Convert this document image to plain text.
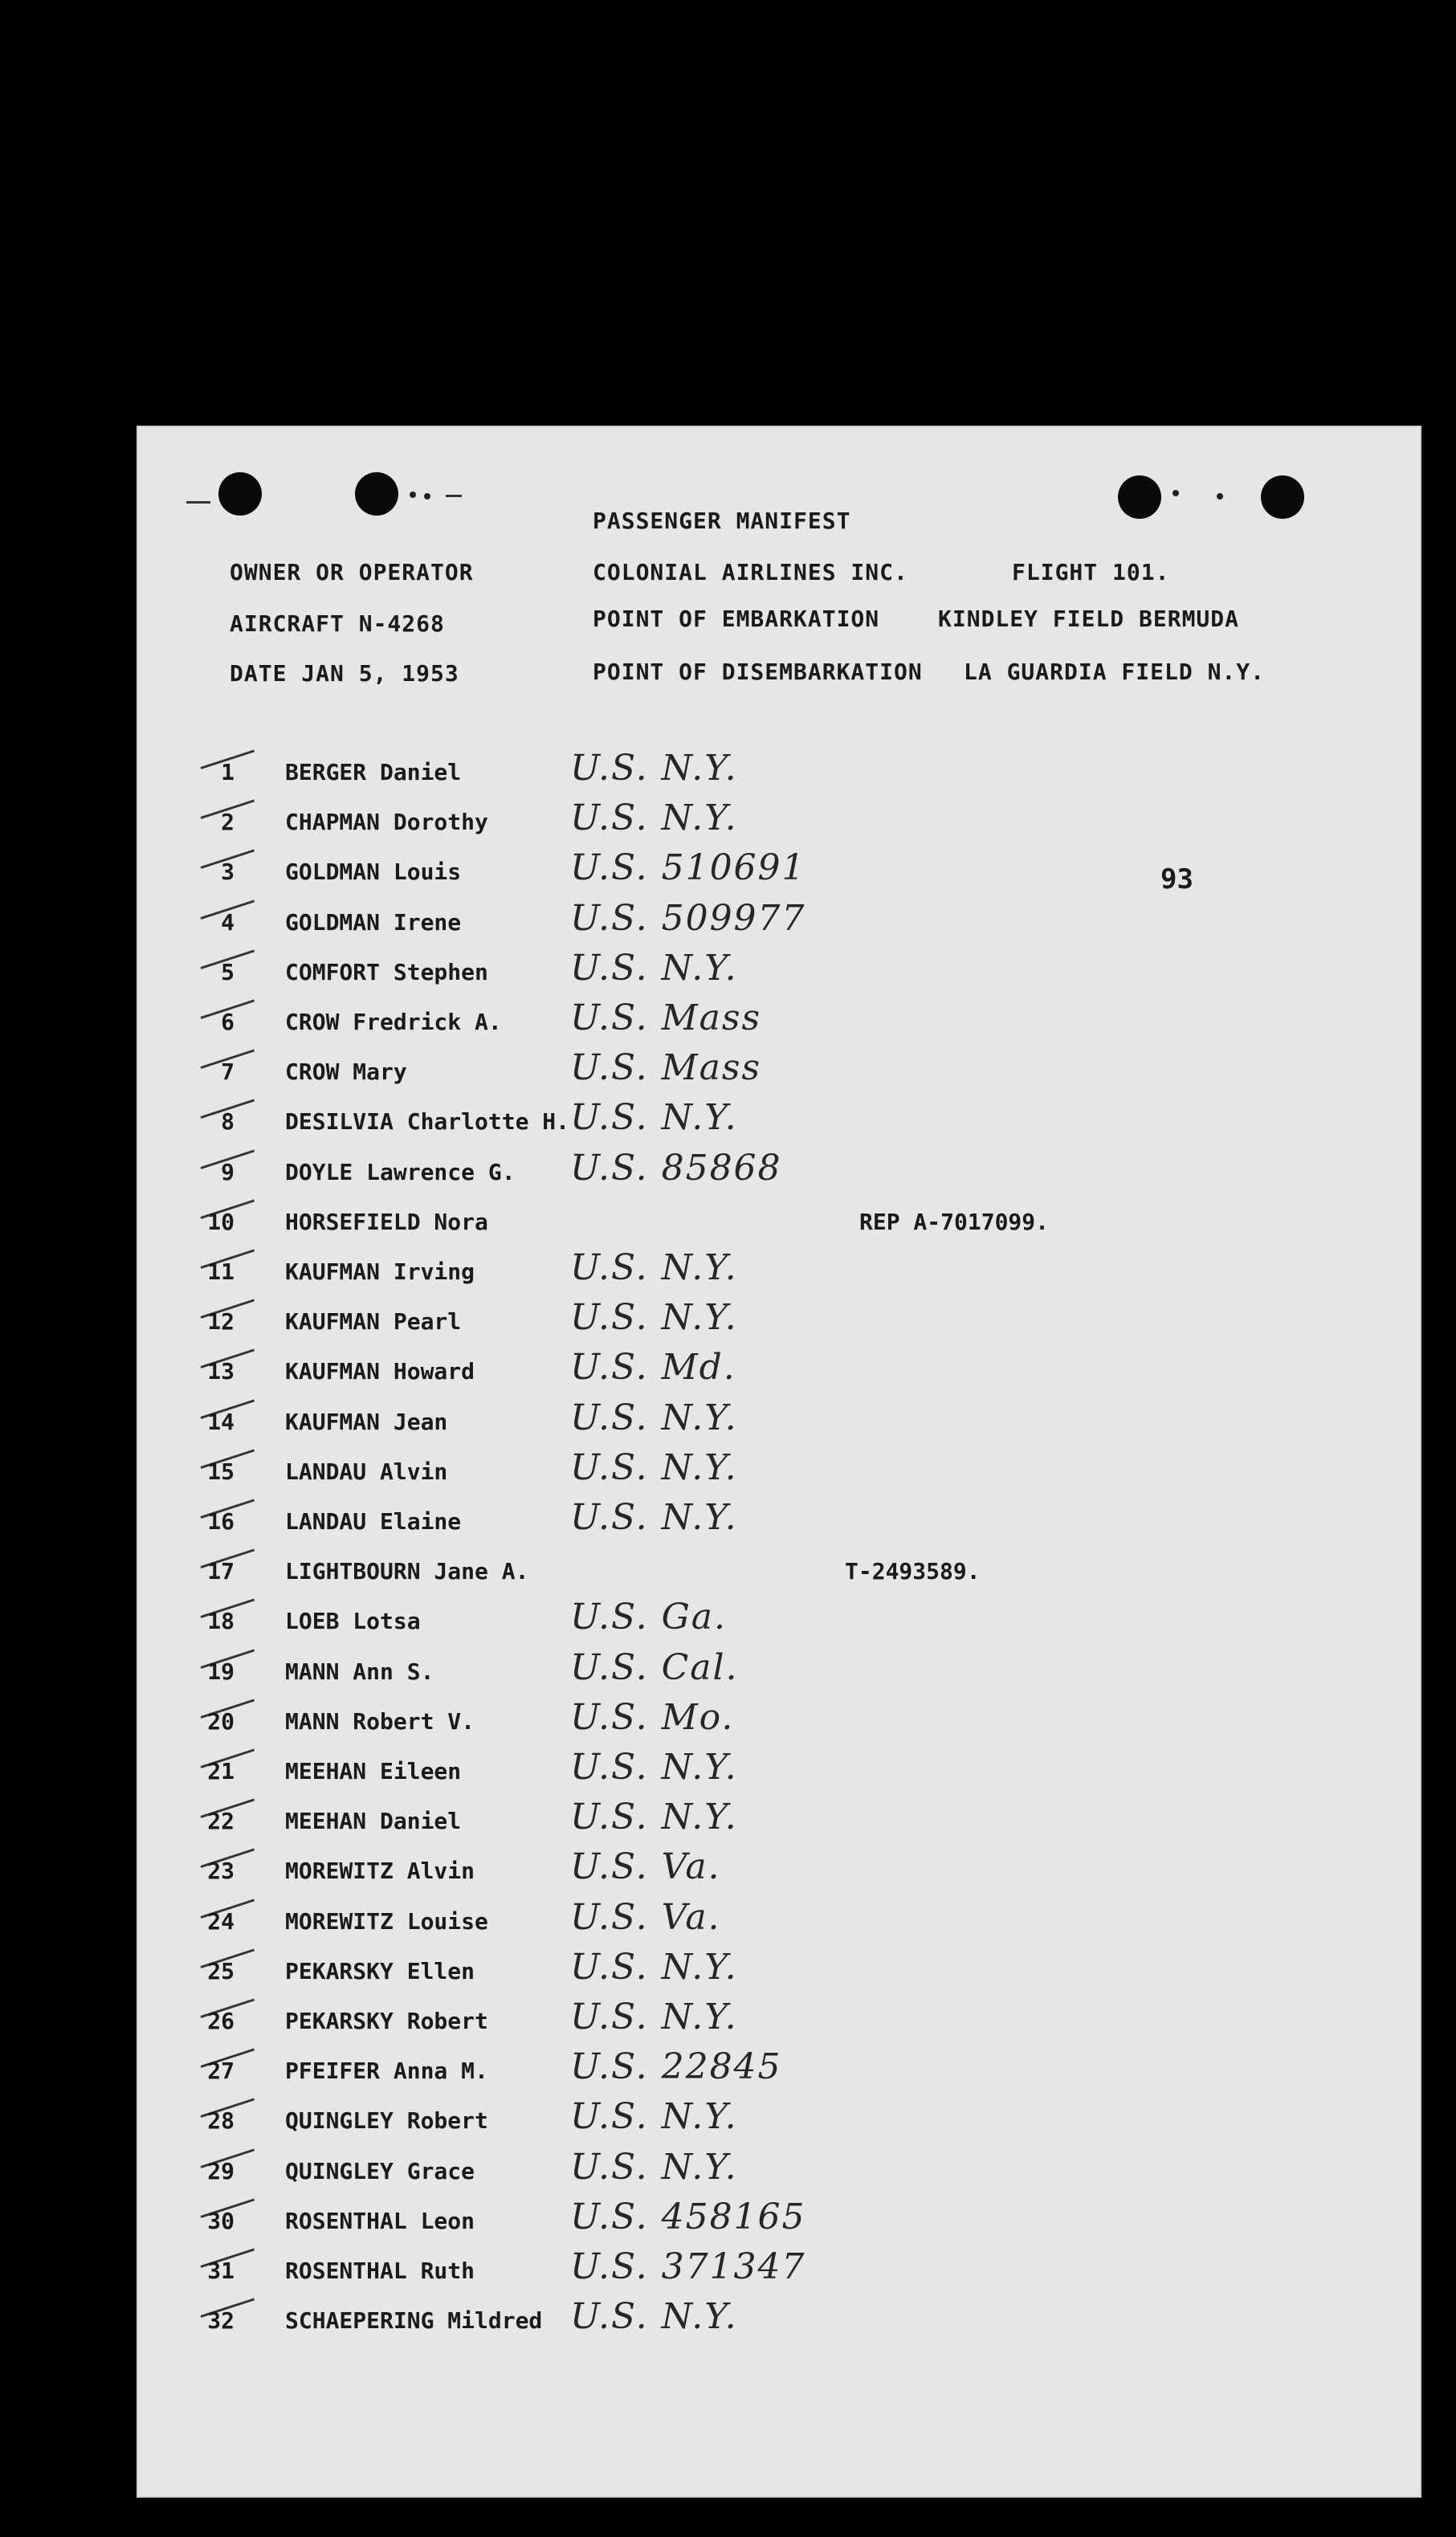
PASSENGER MANIFEST
OWNER OR OPERATOR	COLONIAL AIRLINES INC.	FLIGHT 101.
AIRCRAFT N-4268	POINT OF EMBARKATION	KINDLEY FIELD BERMUDA
DATE JAN 5, 1953	POINT OF DISEMBARKATION LA GUARDIA FIELD N.Y.
93
1 BERGER Daniel	U.S. N.Y.
2 CHAPMAN Dorothy U.S. N.Y.
3 GOLDMAN Louis	U.S. 510691
4 GOLDMAN Irene	U.S. 509977
5 COMFORT Stephen U.S. N.Y.
6 CROW Fredrick A. U.S. Mass
7 CROW Mary	U.S. Mass
8 DESILVIA Charlotte H. U.S. N.Y.
9 DOYLE Lawrence G. U.S. 85868
10 HORSEFIELD Nora	REP A-7017099.
11 KAUFMAN Irving	U.S. N.Y.
12 KAUFMAN Pearl	U.S. N.Y.
13 KAUFMAN Howard	U.S. Md.
14 KAUFMAN Jean	U.S. N.Y.
15 LANDAU Alvin	U.S. N.Y.
16 LANDAU Elaine	U.S. N.Y.
17 LIGHTBOURN Jane A.	T-2493589.
18 LOEB Lotsa	U.S. Ga.
19 MANN Ann S.	U.S. Cal.
20 MANN Robert V.	U.S. Mo.
21 MEEHAN Eileen	U.S. N.Y.
22 MEEHAN Daniel	U.S. N.Y.
23 MOREWITZ Alvin	U.S. Va.
24 MOREWITZ Louise U.S. Va.
25 PEKARSKY Ellen	U.S. N.Y.
26 PEKARSKY Robert U.S. N.Y.
27 PFEIFER Anna M. U.S. 22845
28 QUINGLEY Robert U.S. N.Y.
29 QUINGLEY Grace	U.S. N.Y.
30 ROSENTHAL Leon	U.S. 458165
31 ROSENTHAL Ruth	U.S. 371347
32 SCHAEPERING Mildred U.S. N.Y.
